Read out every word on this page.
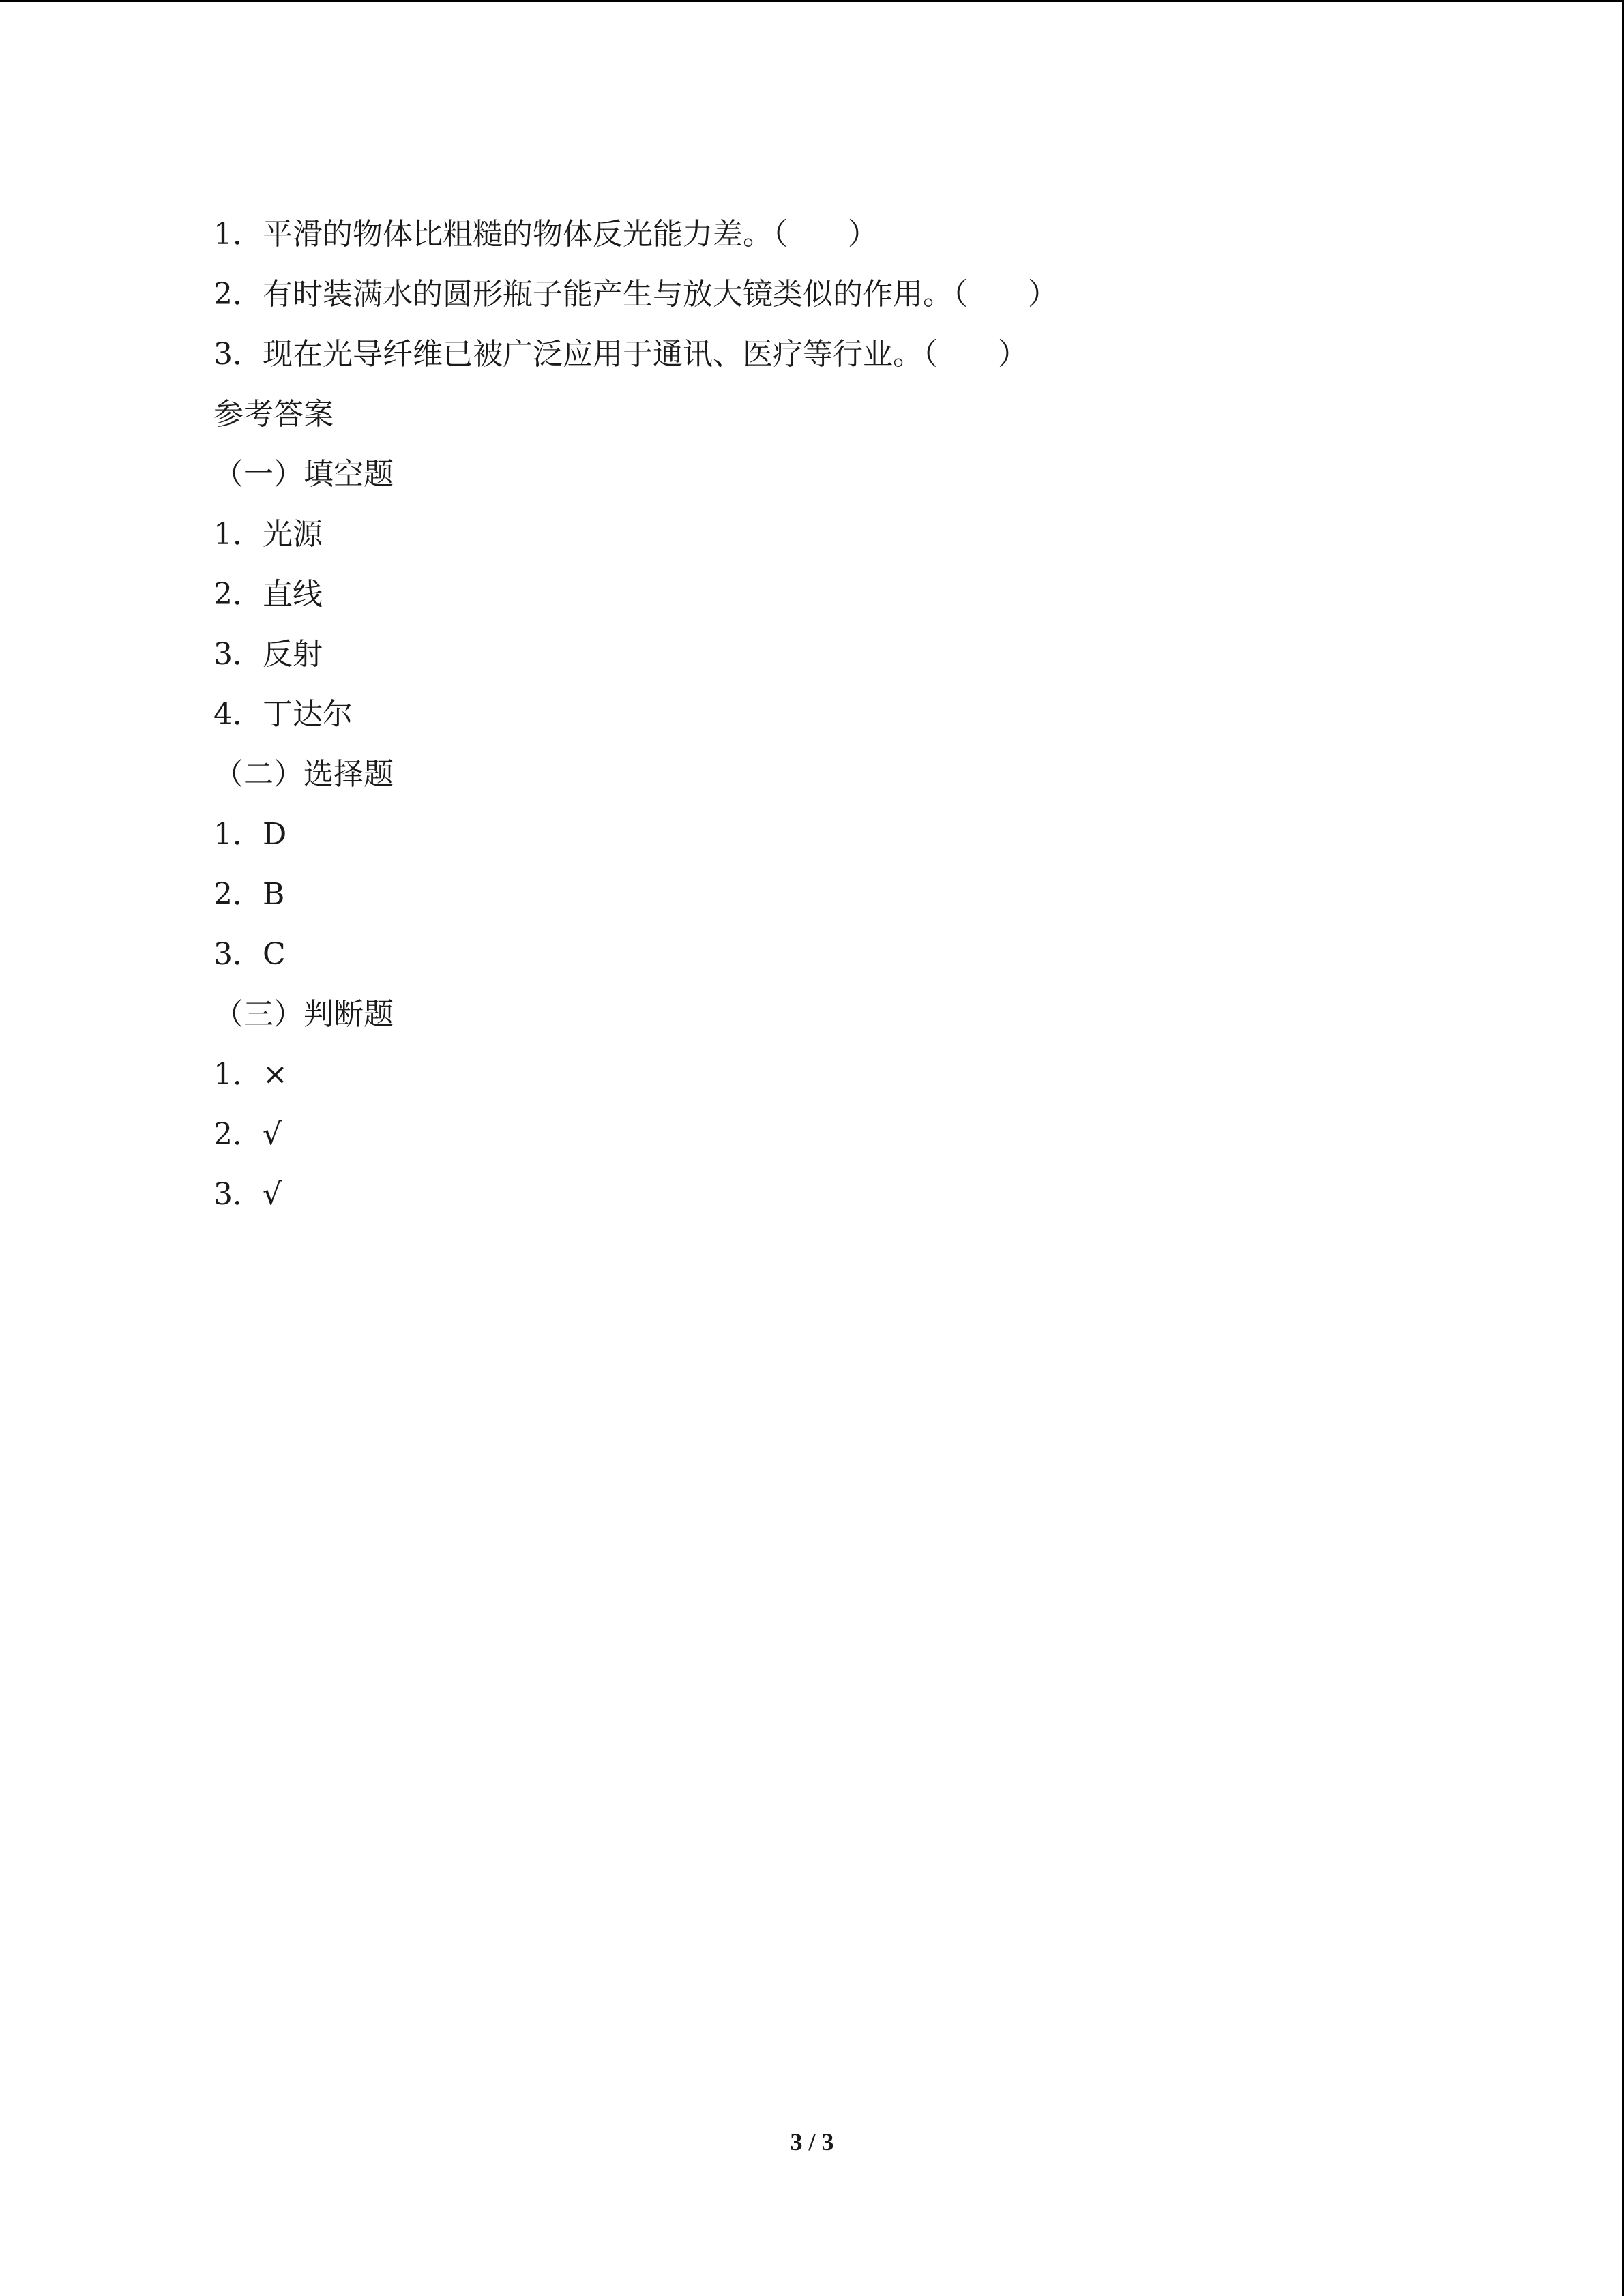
1．平滑的物体比粗糙的物体反光能力差。（　　）
2．有时装满水的圆形瓶子能产生与放大镜类似的作用。（　　）
3．现在光导纤维已被广泛应用于通讯、医疗等行业。（　　）
参考答案
（一）填空题
1．光源
2．直线
3．反射
4．丁达尔
（二）选择题
1．D
2．B
3．C
（三）判断题
1．×
2．√
3．√
3 / 3
